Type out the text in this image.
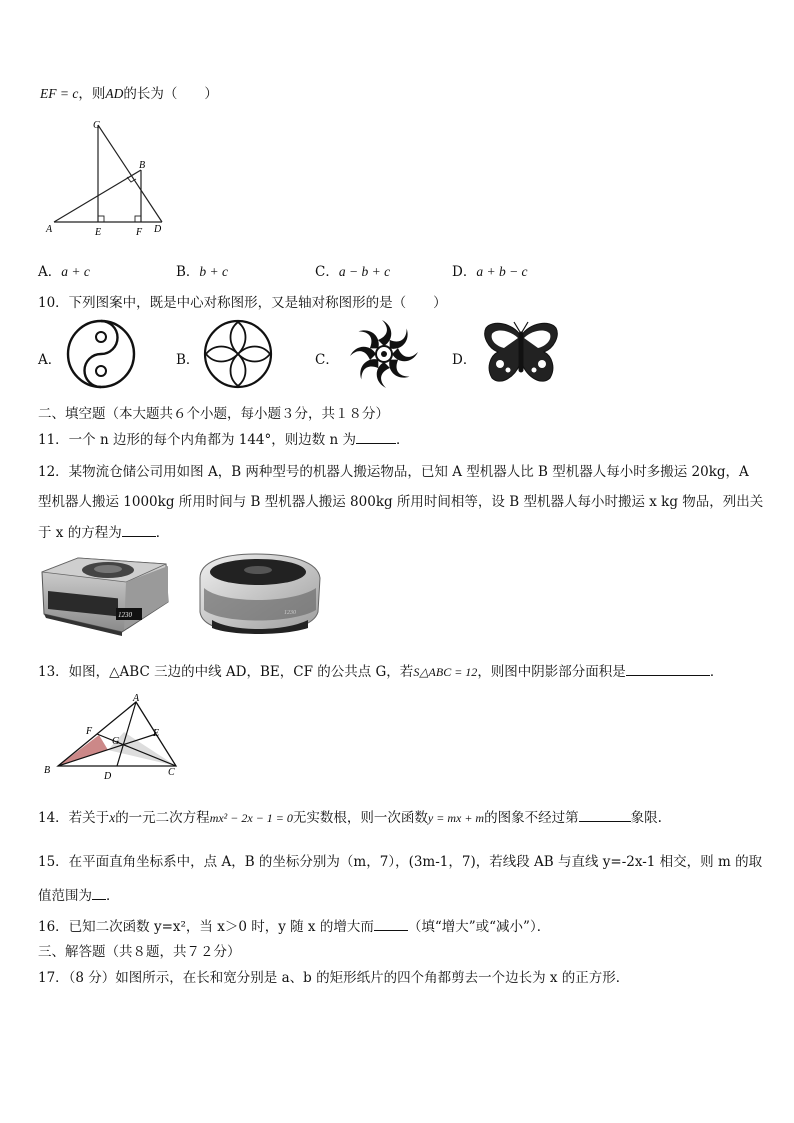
EF = c，则AD的长为（　　）
C
B
A	E	F D
A．a + c	B．b + c	C．a − b + c	D．a + b − c
10．下列图案中，既是中心对称图形，又是轴对称图形的是（　　）
A．	B．	C．	D．
二、填空题（本大题共６个小题，每小题３分，共１８分）
11．一个 n 边形的每个内角都为 144°，则边数 n 为	．
12．某物流仓储公司用如图 A，B 两种型号的机器人搬运物品，已知 A 型机器人比 B 型机器人每小时多搬运 20kg，A
型机器人搬运 1000kg 所用时间与 B 型机器人搬运 800kg 所用时间相等，设 B 型机器人每小时搬运 x kg 物品，列出关
于 x 的方程为	．
1230	1230
13．如图，△ABC 三边的中线 AD，BE，CF 的公共点 G，若S△ABC = 12，则图中阴影部分面积是	．
A
F	E
G
B
D	C
14．若关于x的一元二次方程mx² − 2x − 1 = 0无实数根，则一次函数y = mx + m的图象不经过第	象限.
15．在平面直角坐标系中，点 A，B 的坐标分别为（m，7），(3m-1，7)，若线段 AB 与直线 y=-2x-1 相交，则 m 的取
值范围为 ．
16．已知二次函数 y=x²，当 x＞0 时，y 随 x 的增大而	（填“增大”或“减小”）．
三、解答题（共８题，共７２分）
17．（8 分）如图所示，在长和宽分别是 a、b 的矩形纸片的四个角都剪去一个边长为 x 的正方形．
